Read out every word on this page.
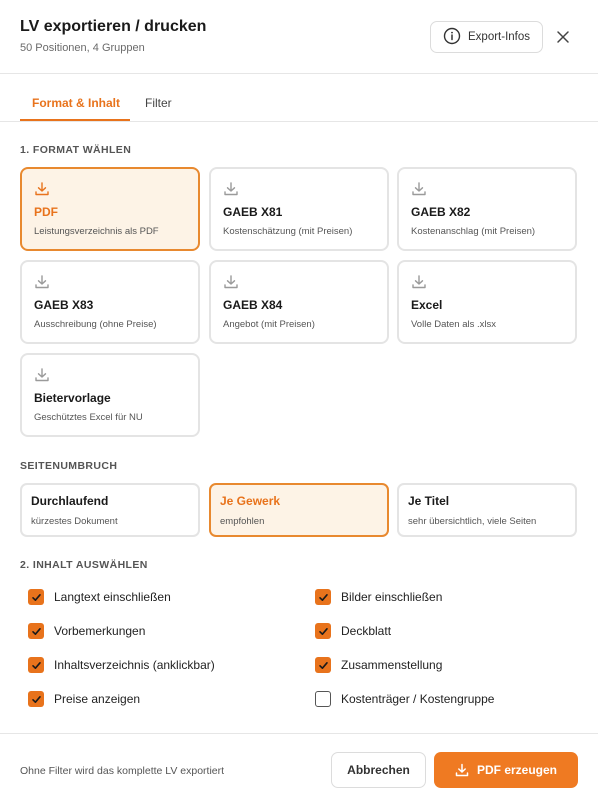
LV exportieren / drucken
50 Positionen, 4 Gruppen
Export-Infos
Format & Inhalt Filter
1. FORMAT WÄHLEN
PDF
Leistungsverzeichnis als PDF
GAEB X81
Kostenschätzung (mit Preisen)
GAEB X82
Kostenanschlag (mit Preisen)
GAEB X83
Ausschreibung (ohne Preise)
GAEB X84
Angebot (mit Preisen)
Excel
Volle Daten als .xlsx
Bietervorlage
Geschütztes Excel für NU
SEITENUMBRUCH
Durchlaufend
kürzestes Dokument
Je Gewerk
empfohlen
Je Titel
sehr übersichtlich, viele Seiten
2. INHALT AUSWÄHLEN
Langtext einschließen	Bilder einschließen
Vorbemerkungen	Deckblatt
Inhaltsverzeichnis (anklickbar)	Zusammenstellung
Preise anzeigen	Kostenträger / Kostengruppe
Ohne Filter wird das komplette LV exportiert	Abbrechen	PDF erzeugen
